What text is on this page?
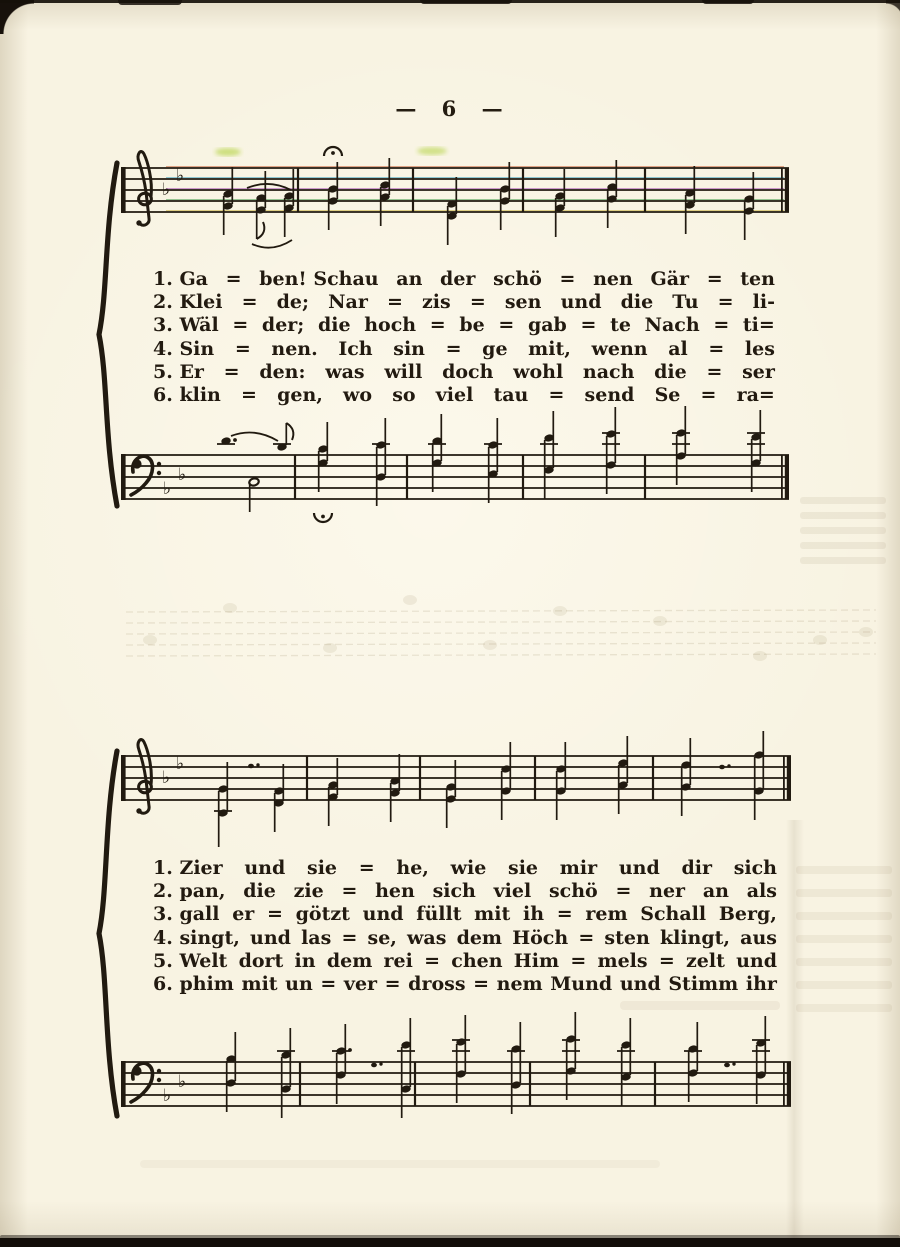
— 6 —
♭
♭
♭
♭
♭
♭
♭
♭
1. Ga = ben! Schau an der schö = nen Gär = ten
2. Klei = de; Nar = zis = sen und die Tu = li-
3. Wäl = der; die hoch = be = gab = te Nach = ti=
4. Sin = nen. Ich sin = ge mit, wenn al = les
5. Er = den: was will doch wohl nach die = ser
6. klin = gen, wo so viel tau = send Se = ra=
1. Zier und sie = he, wie sie mir und dir sich
2. pan, die zie = hen sich viel schö = ner an als
3. gall er = götzt und füllt mit ih = rem Schall Berg,
4. singt, und las = se, was dem Höch = sten klingt, aus
5. Welt dort in dem rei = chen Him = mels = zelt und
6. phim mit un = ver = dross = nem Mund und Stimm ihr
